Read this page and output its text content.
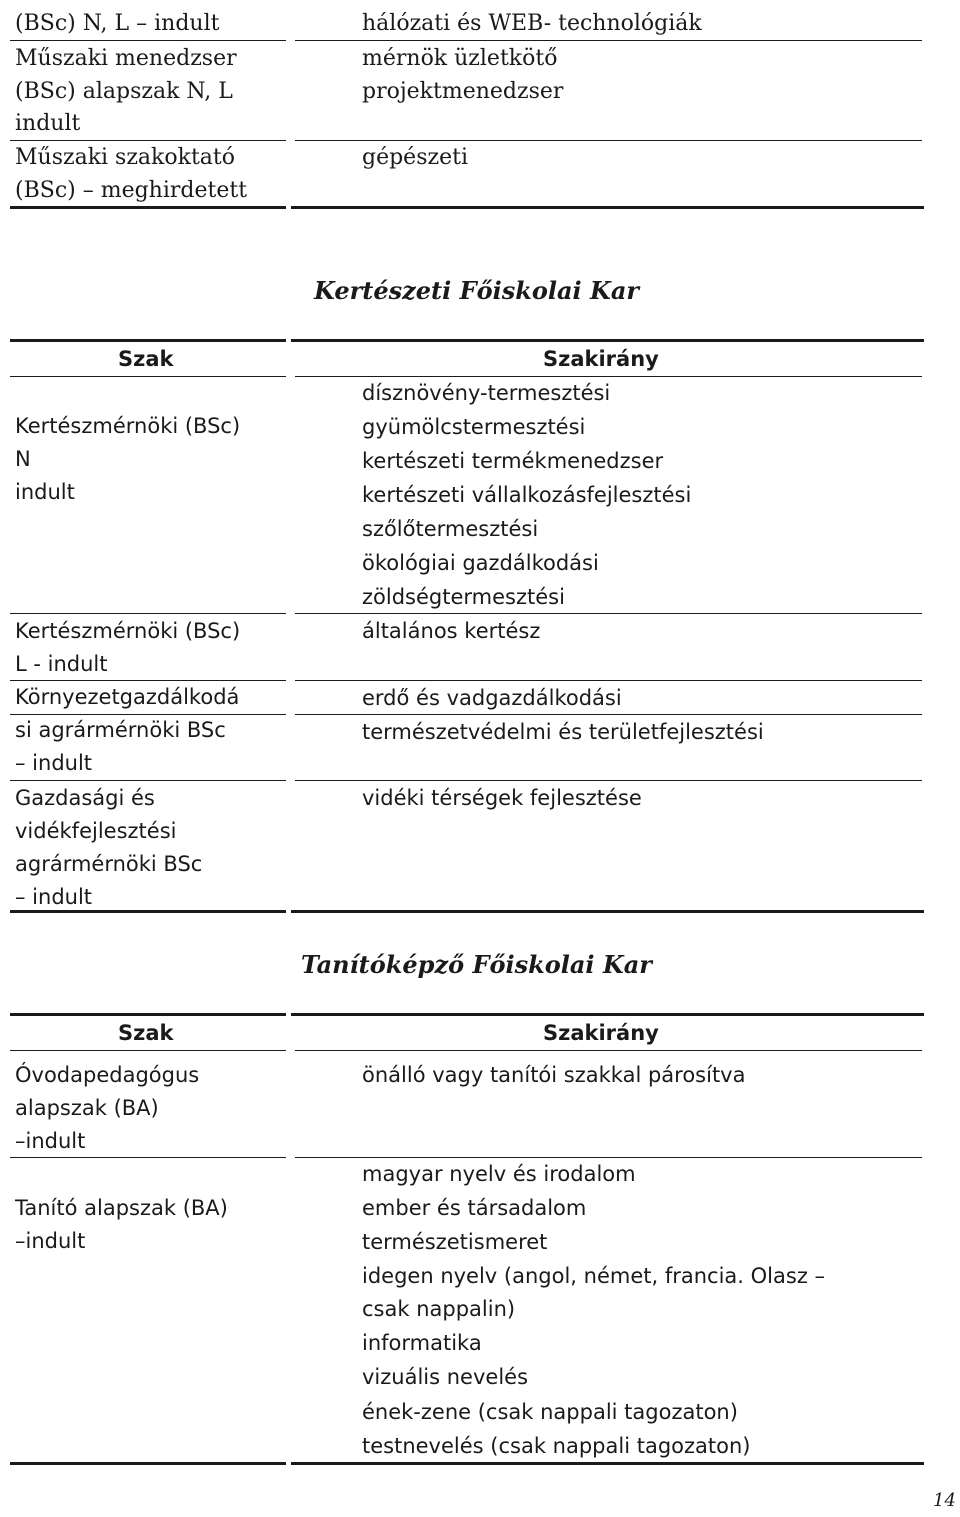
(BSc) N, L – indult
Műszaki menedzser
(BSc) alapszak N, L
indult
Műszaki szakoktató
(BSc) – meghirdetett
hálózati és WEB- technológiák
mérnök üzletkötő
projektmenedzser
gépészeti
Kertészeti Főiskolai Kar
Szak	Szakirány
Kertészmérnöki (BSc)
N
indult
Kertészmérnöki (BSc)
L - indult
Környezetgazdálkodá
si agrármérnöki BSc
– indult
Gazdasági és
vidékfejlesztési
agrármérnöki BSc
– indult
dísznövény-termesztési
gyümölcstermesztési
kertészeti termékmenedzser
kertészeti vállalkozásfejlesztési
szőlőtermesztési
ökológiai gazdálkodási
zöldségtermesztési
általános kertész
erdő és vadgazdálkodási
természetvédelmi és területfejlesztési
vidéki térségek fejlesztése
Tanítóképző Főiskolai Kar
Szak	Szakirány
Óvodapedagógus
alapszak (BA)
–indult
Tanító alapszak (BA)
–indult
önálló vagy tanítói szakkal párosítva
magyar nyelv és irodalom
ember és társadalom
természetismeret
idegen nyelv (angol, német, francia. Olasz –
csak nappalin)
informatika
vizuális nevelés
ének-zene (csak nappali tagozaton)
testnevelés (csak nappali tagozaton)
14
